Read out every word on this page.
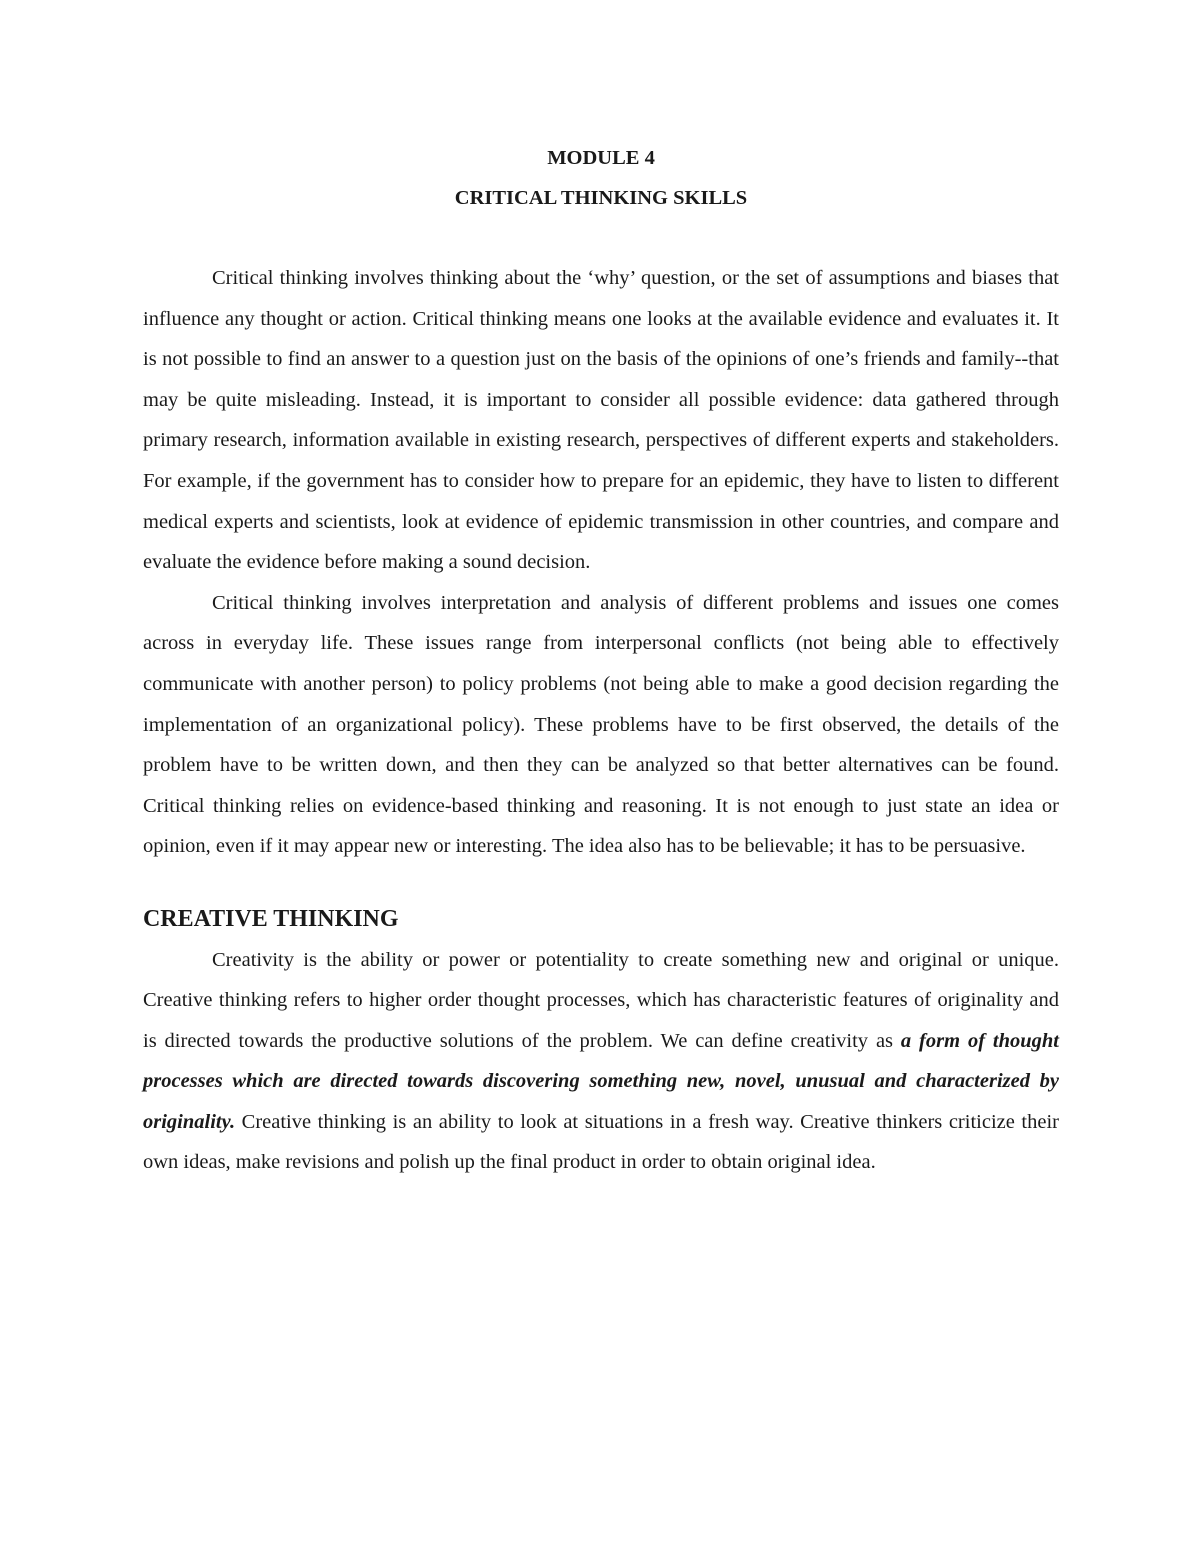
MODULE 4
CRITICAL THINKING SKILLS

Critical thinking involves thinking about the ‘why’ question, or the set of assumptions and biases that influence any thought or action. Critical thinking means one looks at the available evidence and evaluates it. It is not possible to find an answer to a question just on the basis of the opinions of one’s friends and family--that may be quite misleading. Instead, it is important to consider all possible evidence: data gathered through primary research, information available in existing research, perspectives of different experts and stakeholders. For example, if the government has to consider how to prepare for an epidemic, they have to listen to different medical experts and scientists, look at evidence of epidemic transmission in other countries, and compare and evaluate the evidence before making a sound decision.

Critical thinking involves interpretation and analysis of different problems and issues one comes across in everyday life. These issues range from interpersonal conflicts (not being able to effectively communicate with another person) to policy problems (not being able to make a good decision regarding the implementation of an organizational policy). These problems have to be first observed, the details of the problem have to be written down, and then they can be analyzed so that better alternatives can be found. Critical thinking relies on evidence-based thinking and reasoning. It is not enough to just state an idea or opinion, even if it may appear new or interesting. The idea also has to be believable; it has to be persuasive.

CREATIVE THINKING

Creativity is the ability or power or potentiality to create something new and original or unique. Creative thinking refers to higher order thought processes, which has characteristic features of originality and is directed towards the productive solutions of the problem. We can define creativity as a form of thought processes which are directed towards discovering something new, novel, unusual and characterized by originality. Creative thinking is an ability to look at situations in a fresh way. Creative thinkers criticize their own ideas, make revisions and polish up the final product in order to obtain original idea.
